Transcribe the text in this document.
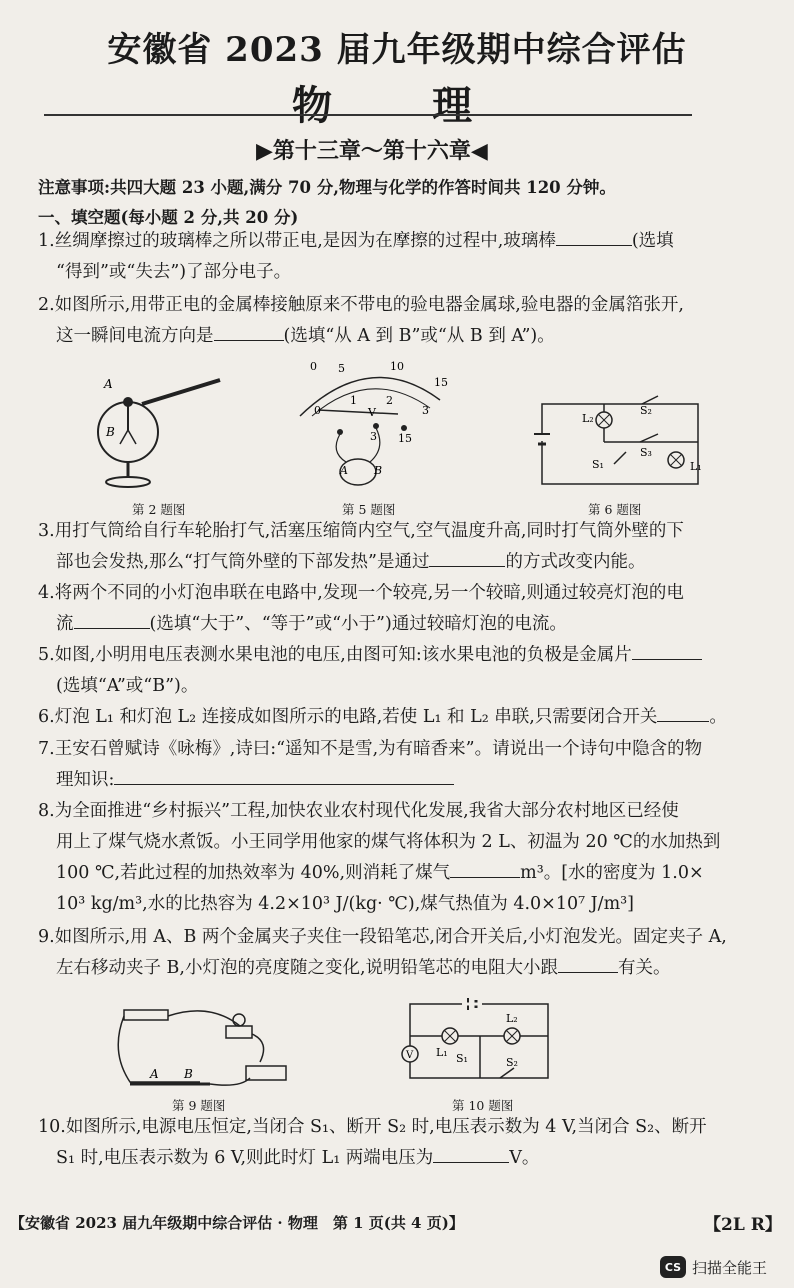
安徽省 2023 届九年级期中综合评估
物　理
▶第十三章～第十六章◀
注意事项:共四大题 23 小题,满分 70 分,物理与化学的作答时间共 120 分钟。
一、填空题(每小题 2 分,共 20 分)
1.丝绸摩擦过的玻璃棒之所以带正电,是因为在摩擦的过程中,玻璃棒	(选填
“得到”或“失去”)了部分电子。
2.如图所示,用带正电的金属棒接触原来不带电的验电器金属球,验电器的金属箔张开,
这一瞬间电流方向是	(选填“从 A 到 B”或“从 B 到 A”)。
A
B
第 2 题图
0 5	10
15
0
1	2
3
V
3 15
A B
第 5 题图
L₂
S₂
S₃
S₁	L₁
第 6 题图
3.用打气筒给自行车轮胎打气,活塞压缩筒内空气,空气温度升高,同时打气筒外壁的下
部也会发热,那么“打气筒外壁的下部发热”是通过	的方式改变内能。
4.将两个不同的小灯泡串联在电路中,发现一个较亮,另一个较暗,则通过较亮灯泡的电
流	(选填“大于”、“等于”或“小于”)通过较暗灯泡的电流。
5.如图,小明用电压表测水果电池的电压,由图可知:该水果电池的负极是金属片
(选填“A”或“B”)。
6.灯泡 L₁ 和灯泡 L₂ 连接成如图所示的电路,若使 L₁ 和 L₂ 串联,只需要闭合开关	。
7.王安石曾赋诗《咏梅》,诗曰:“遥知不是雪,为有暗香来”。请说出一个诗句中隐含的物
理知识:
8.为全面推进“乡村振兴”工程,加快农业农村现代化发展,我省大部分农村地区已经使
用上了煤气烧水煮饭。小王同学用他家的煤气将体积为 2 L、初温为 20 ℃的水加热到
100 ℃,若此过程的加热效率为 40%,则消耗了煤气	m³。[水的密度为 1.0×
10³ kg/m³,水的比热容为 4.2×10³ J/(kg· ℃),煤气热值为 4.0×10⁷ J/m³]
9.如图所示,用 A、B 两个金属夹子夹住一段铅笔芯,闭合开关后,小灯泡发光。固定夹子 A,
左右移动夹子 B,小灯泡的亮度随之变化,说明铅笔芯的电阻大小跟	有关。
A B
第 9 题图
V L₁
L₂
S₁	S₂
第 10 题图
10.如图所示,电源电压恒定,当闭合 S₁、断开 S₂ 时,电压表示数为 4 V,当闭合 S₂、断开
S₁ 时,电压表示数为 6 V,则此时灯 L₁ 两端电压为	V。
【安徽省 2023 届九年级期中综合评估 · 物理　第 1 页(共 4 页)】	【2L R】
CS 扫描全能王
